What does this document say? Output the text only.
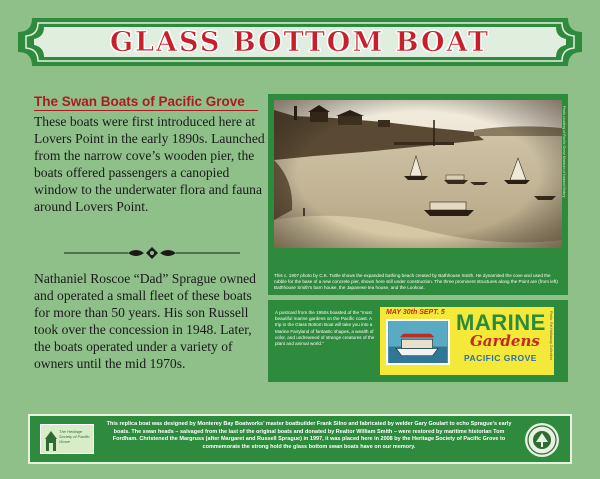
GLASS BOTTOM BOAT
The Swan Boats of Pacific Grove
These boats were first introduced here at Lovers Point in the early 1890s. Launched from the narrow cove’s wooden pier, the boats offered passengers a canopied window to the underwater flora and fauna around Lovers Point.
Nathaniel Roscoe “Dad” Sprague owned and operated a small fleet of these boats for more than 50 years. His son Russell took over the concession in 1948. Later, the boats operated under a variety of owners until the mid 1970s.
Photo courtesy of Pacific Grove Museum of Natural History
This c. 1907 photo by C.K. Tuttle shows the expanded bathing beach created by Bathhouse Smith. He dynamited the cove and used the rubble for the base of a new concrete pier, shown here still under construction. The three prominent structures along the Point are (from left) Bathhouse Smith’s barn house, the Japanese tea house, and the Lookout.
A postcard from the 1950s boasted of the “most beautiful marine gardens on the Pacific coast. A trip in the Glass Bottom Boat will take you into a Marine Fairyland of fantastic shapes, a wealth of color, and undreamed of strange creatures of the plant and animal world.”
MAY 30th SEPT. 5 MARINE
Gardens
PACIFIC GROVE	Photo: Pat Hathaway Collection
The Heritage Society of Pacific Grove
This replica boat was designed by Monterey Bay Boatworks’ master boatbuilder Frank Silno and fabricated by welder Gary Goulart to echo Sprague’s early boats. The swan heads – salvaged from the last of the original boats and donated by Realtor William Smith – were restored by maritime historian Tom Fordham. Christened the Margruss (after Margaret and Russell Sprague) in 1997, it was placed here in 2008 by the Heritage Society of Pacific Grove to commemorate the strong hold the glass bottom swan boats have on our memory.
